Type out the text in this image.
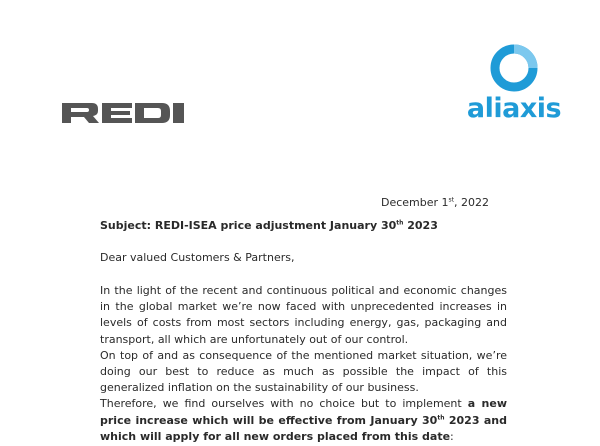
aliaxis
December 1st, 2022
Subject: REDI-ISEA price adjustment January 30th 2023
Dear valued Customers & Partners,

In the light of the recent and continuous political and economic changes in the global market we’re now faced with unprecedented increases in levels of costs from most sectors including energy, gas, packaging and transport, all which are unfortunately out of our control.

On top of and as consequence of the mentioned market situation, we’re doing our best to reduce as much as possible the impact of this generalized inflation on the sustainability of our business.

Therefore, we find ourselves with no choice but to implement a new price increase which will be effective from January 30th 2023 and which will apply for all new orders placed from this date:
